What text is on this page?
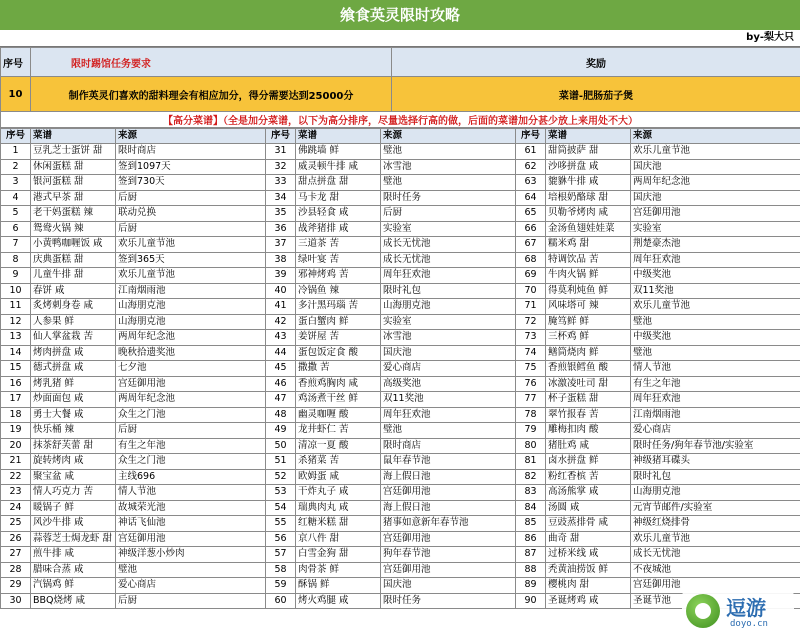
飨食英灵限时攻略
by-梨大只
序号	限时踢馆任务要求	奖励
10	制作英灵们喜欢的甜料理会有相应加分，得分需要达到25000分	菜谱-肥肠茄子煲
【高分菜谱】（全是加分菜谱，以下为高分排序，尽量选择行高的做，后面的菜谱加分甚少放上来用处不大）		
序号	菜谱	来源	序号	菜谱	来源	序号	菜谱	来源
1	豆乳芝士蛋饼 甜	限时商店	31	佛跳墙 鲜	璧池	61	甜筒披萨 甜	欢乐儿童节池
2	休闲蛋糕 甜	签到1097天	32	威灵顿牛排 咸	冰雪池	62	沙哆拼盘 咸	国庆池
3	银河蛋糕 甜	签到730天	33	甜点拼盘 甜	璧池	63	貔貅牛排 咸	两周年纪念池
4	港式早茶 甜	后厨	34	马卡龙 甜	限时任务	64	培根奶酪球 甜	国庆池
5	老干妈蛋糕 辣	联动兑换	35	沙县轻食 咸	后厨	65	贝勒爷烤肉 咸	宫廷御用池
6	鸳鸯火锅 辣	后厨	36	战斧猪排 咸	实验室	66	金汤鱼翅娃娃菜	实验室
7	小黄鸭咖喱饭 咸	欢乐儿童节池	37	三道茶 苦	成长无忧池	67	糯米鸡 甜	荆楚豪杰池
8	庆典蛋糕 甜	签到365天	38	绿叶宴 苦	成长无忧池	68	特调饮品 苦	周年狂欢池
9	儿童牛排 甜	欢乐儿童节池	39	邪神烤鸡 苦	周年狂欢池	69	牛肉火锅 鲜	中级奖池
10	春饼 咸	江南烟雨池	40	冷锅鱼 辣	限时礼包	70	得莫利炖鱼 鲜	双11奖池
11	炙烤刺身卷 咸	山海朋克池	41	多汁黑玛瑙 苦	山海朋克池	71	风味塔可 辣	欢乐儿童节池
12	人参果 鲜	山海朋克池	42	蛋白蟹肉 鲜	实验室	72	腌笃鲜 鲜	璧池
13	仙人掌盆栽 苦	两周年纪念池	43	姜饼屋 苦	冰雪池	73	三杯鸡 鲜	中级奖池
14	烤肉拼盘 咸	晚秋拾遗奖池	44	蛋包饭定食 酸	国庆池	74	鳝筒烧肉 鲜	璧池
15	德式拼盘 咸	七夕池	45	撒撒 苦	爱心商店	75	香煎银鳕鱼 酸	情人节池
16	烤乳猪 鲜	宫廷御用池	46	香煎鸡胸肉 咸	高级奖池	76	冰激凌吐司 甜	有生之年池
17	炒面面包 咸	两周年纪念池	47	鸡汤煮干丝 鲜	双11奖池	77	杯子蛋糕 甜	周年狂欢池
18	勇士大餐 咸	众生之门池	48	幽灵咖喱 酸	周年狂欢池	78	翠竹报春 苦	江南烟雨池
19	快乐桶 辣	后厨	49	龙井虾仁 苦	璧池	79	雕梅扣肉 酸	爱心商店
20	抹茶舒芙蕾 甜	有生之年池	50	清凉一夏 酸	限时商店	80	猪肚鸡 咸	限时任务/狗年春节池/实验室
21	旋转烤肉 咸	众生之门池	51	杀猪菜 苦	鼠年春节池	81	卤水拼盘 鲜	神级猪耳碟头
22	聚宝盆 咸	主线696	52	欧姆蛋 咸	海上假日池	82	粉红香槟 苦	限时礼包
23	情人巧克力 苦	情人节池	53	干炸丸子 咸	宫廷御用池	83	高汤熊掌 咸	山海朋克池
24	暖锅子 鲜	故城荣光池	54	瑞典肉丸 咸	海上假日池	84	汤圆 咸	元宵节邮件/实验室
25	风沙牛排 咸	神话飞仙池	55	红糖米糕 甜	猪事如意新年春节池	85	豆豉蒸排骨 咸	神级红烧排骨
26	蒜蓉芝士焗龙虾 甜	宫廷御用池	56	京八件 甜	宫廷御用池	86	曲奇 甜	欢乐儿童节池
27	煎牛排 咸	神级洋葱小炒肉	57	白雪金狗 甜	狗年春节池	87	过桥米线 咸	成长无忧池
28	腊味合蒸 咸	璧池	58	肉骨茶 鲜	宫廷御用池	88	秃黄油捞饭 鲜	不夜城池
29	汽锅鸡 鲜	爱心商店	59	酥锅 鲜	国庆池	89	樱桃肉 甜	宫廷御用池
30	BBQ烧烤 咸	后厨	60	烤火鸡腿 咸	限时任务	90	圣诞烤鸡 咸	圣诞节池	逗游
doyo.cn
